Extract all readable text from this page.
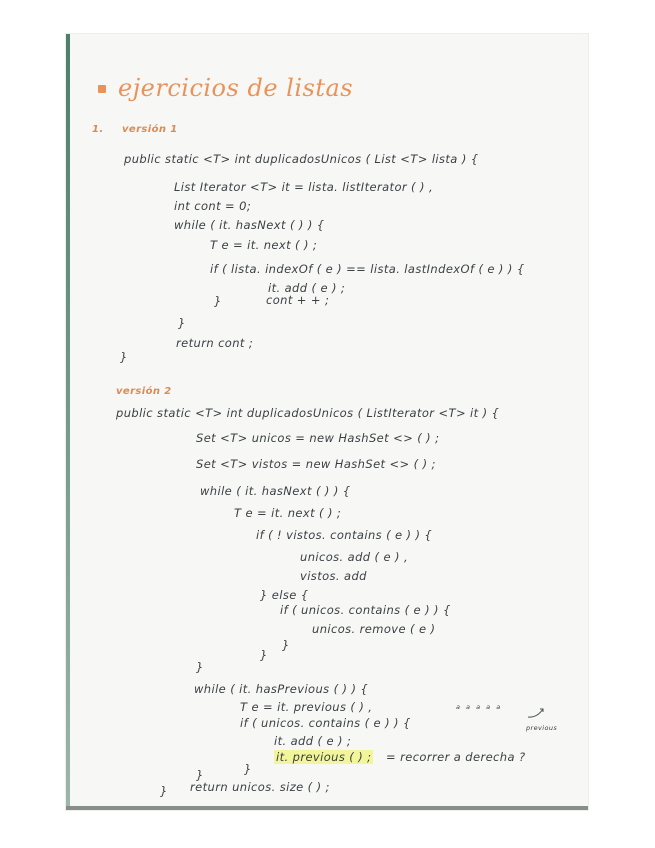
ejercicios de listas
1. versión 1
public static <T> int duplicadosUnicos ( List <T> lista ) {
List Iterator <T> it = lista. listIterator ( ) ,
int cont = 0;
while ( it. hasNext ( ) ) {
T e = it. next ( ) ;
if ( lista. indexOf ( e ) == lista. lastIndexOf ( e ) ) {
it. add ( e ) ;
cont + + ;
}
}
return cont ;
}
versión 2
public static <T> int duplicadosUnicos ( ListIterator <T> it ) {
Set <T> unicos = new HashSet <> ( ) ;
Set <T> vistos = new HashSet <> ( ) ;
while ( it. hasNext ( ) ) {
T e = it. next ( ) ;
if ( ! vistos. contains ( e ) ) {
unicos. add ( e ) ,
vistos. add
} else {
if ( unicos. contains ( e ) ) {
unicos. remove ( e )
}
}
}
while ( it. hasPrevious ( ) ) {
T e = it. previous ( ) ,
if ( unicos. contains ( e ) ) {
it. add ( e ) ;
it. previous ( ) ;
}
}
} return unicos. size ( ) ;
= recorrer a derecha ?
a a a a a
previous
